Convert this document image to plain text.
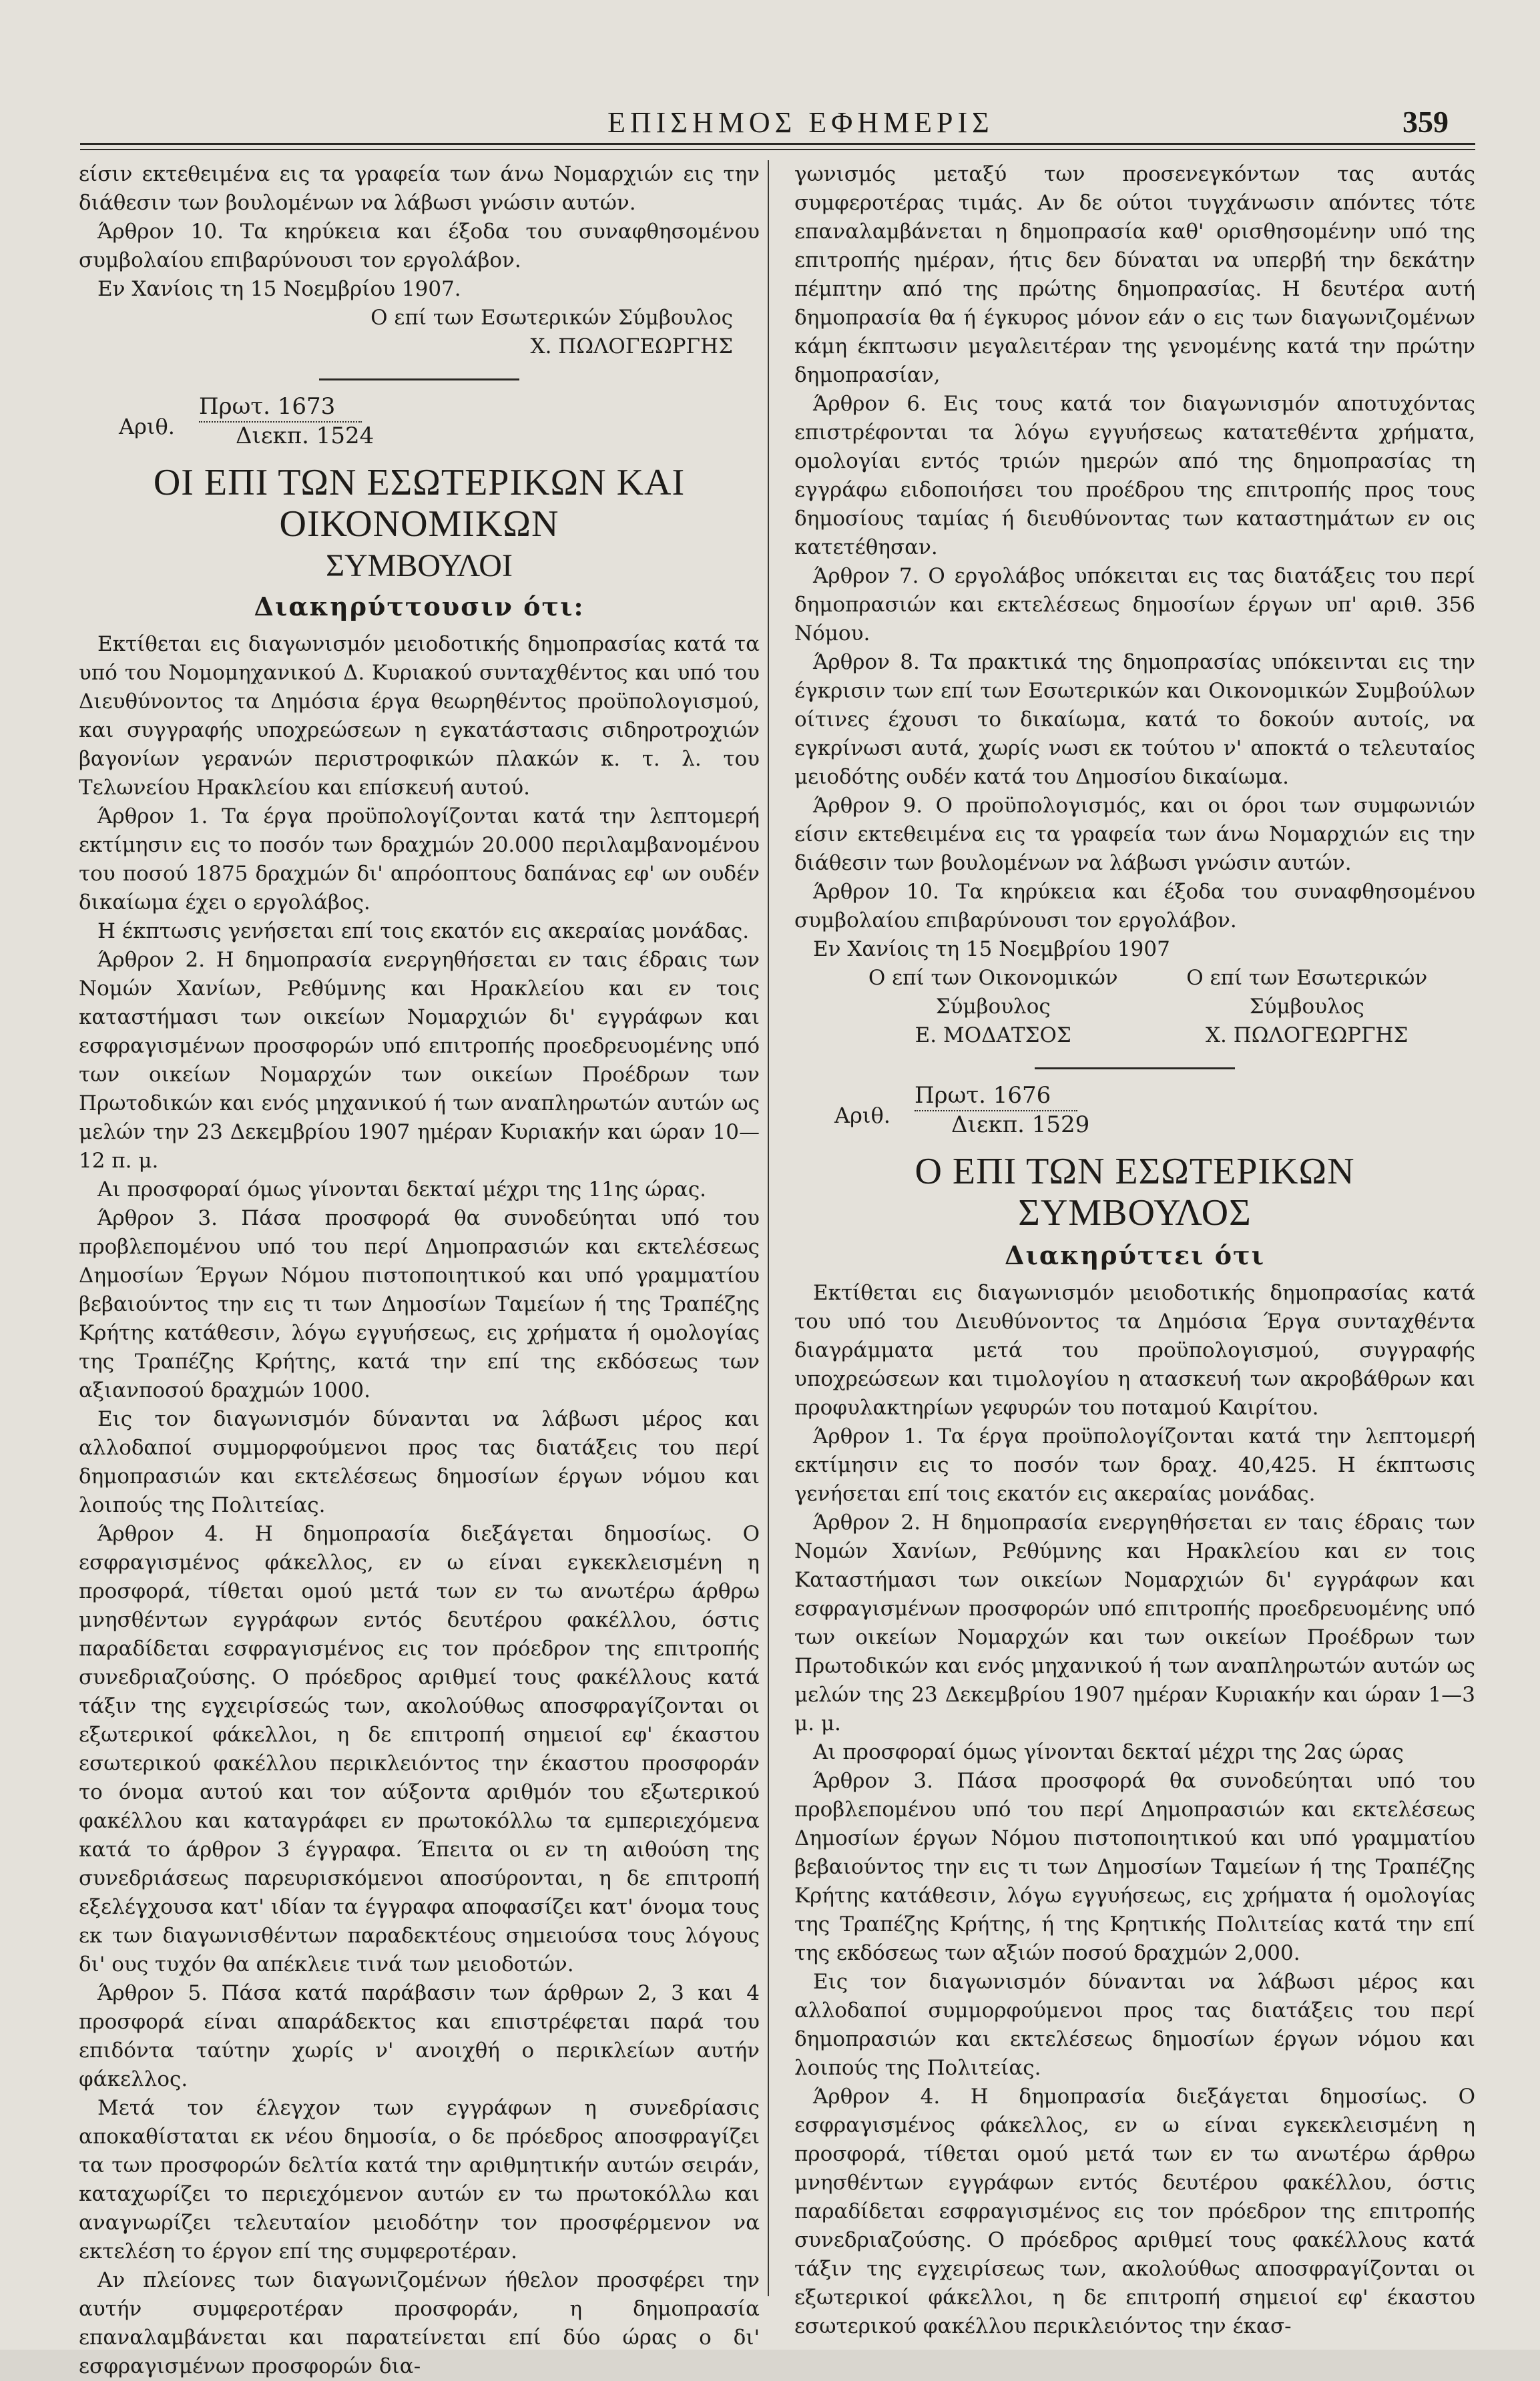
ΕΠΙΣΗΜΟΣ ΕΦΗΜΕΡΙΣ	359

είσιν εκτεθειμένα εις τα γραφεία των άνω Νομαρχιών εις την διάθεσιν των βουλομένων να λάβωσι γνώσιν αυτών.

Άρθρον 10. Τα κηρύκεια και έξοδα του συναφθησομένου συμβολαίου επιβαρύνουσι τον εργολάβον.

Εν Χανίοις τη 15 Νοεμβρίου 1907.

Ο επί των Εσωτερικών Σύμβουλος

Χ. ΠΩΛΟΓΕΩΡΓΗΣ

Αριθ.
Πρωτ. 1673
Διεκπ. 1524
ΟΙ ΕΠΙ ΤΩΝ ΕΣΩΤΕΡΙΚΩΝ ΚΑΙ ΟΙΚΟΝΟΜΙΚΩΝ
ΣΥΜΒΟΥΛΟΙ
Διακηρύττουσιν ότι:

Εκτίθεται εις διαγωνισμόν μειοδοτικής δημοπρασίας κατά τα υπό του Νομομηχανικού Δ. Κυριακού συνταχθέντος και υπό του Διευθύνοντος τα Δημόσια έργα θεωρηθέντος προϋπολογισμού, και συγγραφής υποχρεώσεων η εγκατάστασις σιδηροτροχιών βαγονίων γερανών περιστροφικών πλακών κ. τ. λ. του Τελωνείου Ηρακλείου και επίσκευή αυτού.

Άρθρον 1. Τα έργα προϋπολογίζονται κατά την λεπτομερή εκτίμησιν εις το ποσόν των δραχμών 20.000 περιλαμβανομένου του ποσού 1875 δραχμών δι' απρόοπτους δαπάνας εφ' ων ουδέν δικαίωμα έχει ο εργολάβος.

Η έκπτωσις γενήσεται επί τοις εκατόν εις ακεραίας μονάδας.

Άρθρον 2. Η δημοπρασία ενεργηθήσεται εν ταις έδραις των Νομών Χανίων, Ρεθύμνης και Ηρακλείου και εν τοις καταστήμασι των οικείων Νομαρχιών δι' εγγράφων και εσφραγισμένων προσφορών υπό επιτροπής προεδρευομένης υπό των οικείων Νομαρχών των οικείων Προέδρων των Πρωτοδικών και ενός μηχανικού ή των αναπληρωτών αυτών ως μελών την 23 Δεκεμβρίου 1907 ημέραν Κυριακήν και ώραν 10—12 π. μ.

Αι προσφοραί όμως γίνονται δεκταί μέχρι της 11ης ώρας.

Άρθρον 3. Πάσα προσφορά θα συνοδεύηται υπό του προβλεπομένου υπό του περί Δημοπρασιών και εκτελέσεως Δημοσίων Έργων Νόμου πιστοποιητικού και υπό γραμματίου βεβαιούντος την εις τι των Δημοσίων Ταμείων ή της Τραπέζης Κρήτης κατάθεσιν, λόγω εγγυήσεως, εις χρήματα ή ομολογίας της Τραπέζης Κρήτης, κατά την επί της εκδόσεως των αξιανποσού δραχμών 1000.

Εις τον διαγωνισμόν δύνανται να λάβωσι μέρος και αλλοδαποί συμμορφούμενοι προς τας διατάξεις του περί δημοπρασιών και εκτελέσεως δημοσίων έργων νόμου και λοιπούς της Πολιτείας.

Άρθρον 4. Η δημοπρασία διεξάγεται δημοσίως. Ο εσφραγισμένος φάκελλος, εν ω είναι εγκεκλεισμένη η προσφορά, τίθεται ομού μετά των εν τω ανωτέρω άρθρω μνησθέντων εγγράφων εντός δευτέρου φακέλλου, όστις παραδίδεται εσφραγισμένος εις τον πρόεδρον της επιτροπής συνεδριαζούσης. Ο πρόεδρος αριθμεί τους φακέλλους κατά τάξιν της εγχειρίσεώς των, ακολούθως αποσφραγίζονται οι εξωτερικοί φάκελλοι, η δε επιτροπή σημειοί εφ' έκαστου εσωτερικού φακέλλου περικλειόντος την έκαστου προσφοράν το όνομα αυτού και τον αύξοντα αριθμόν του εξωτερικού φακέλλου και καταγράφει εν πρωτοκόλλω τα εμπεριεχόμενα κατά το άρθρον 3 έγγραφα. Έπειτα οι εν τη αιθούση της συνεδριάσεως παρευρισκόμενοι αποσύρονται, η δε επιτροπή εξελέγχουσα κατ' ιδίαν τα έγγραφα αποφασίζει κατ' όνομα τους εκ των διαγωνισθέντων παραδεκτέους σημειούσα τους λόγους δι' ους τυχόν θα απέκλειε τινά των μειοδοτών.

Άρθρον 5. Πάσα κατά παράβασιν των άρθρων 2, 3 και 4 προσφορά είναι απαράδεκτος και επιστρέφεται παρά του επιδόντα ταύτην χωρίς ν' ανοιχθή ο περικλείων αυτήν φάκελλος.

Μετά τον έλεγχον των εγγράφων η συνεδρίασις αποκαθίσταται εκ νέου δημοσία, ο δε πρόεδρος αποσφραγίζει τα των προσφορών δελτία κατά την αριθμητικήν αυτών σειράν, καταχωρίζει το περιεχόμενον αυτών εν τω πρωτοκόλλω και αναγνωρίζει τελευταίον μειοδότην τον προσφέρμενον να εκτελέση το έργον επί της συμφεροτέραν.

Αν πλείονες των διαγωνιζομένων ήθελον προσφέρει την αυτήν συμφεροτέραν προσφοράν, η δημοπρασία επαναλαμβάνεται και παρατείνεται επί δύο ώρας ο δι' εσφραγισμένων προσφορών δια-

γωνισμός μεταξύ των προσενεγκόντων τας αυτάς συμφεροτέρας τιμάς. Αν δε ούτοι τυγχάνωσιν απόντες τότε επαναλαμβάνεται η δημοπρασία καθ' ορισθησομένην υπό της επιτροπής ημέραν, ήτις δεν δύναται να υπερβή την δεκάτην πέμπτην από της πρώτης δημοπρασίας. Η δευτέρα αυτή δημοπρασία θα ή έγκυρος μόνον εάν ο εις των διαγωνιζομένων κάμη έκπτωσιν μεγαλειτέραν της γενομένης κατά την πρώτην δημοπρασίαν,

Άρθρον 6. Εις τους κατά τον διαγωνισμόν αποτυχόντας επιστρέφονται τα λόγω εγγυήσεως κατατεθέντα χρήματα, ομολογίαι εντός τριών ημερών από της δημοπρασίας τη εγγράφω ειδοποιήσει του προέδρου της επιτροπής προς τους δημοσίους ταμίας ή διευθύνοντας των καταστημάτων εν οις κατετέθησαν.

Άρθρον 7. Ο εργολάβος υπόκειται εις τας διατάξεις του περί δημοπρασιών και εκτελέσεως δημοσίων έργων υπ' αριθ. 356 Νόμου.

Άρθρον 8. Τα πρακτικά της δημοπρασίας υπόκεινται εις την έγκρισιν των επί των Εσωτερικών και Οικονομικών Συμβούλων οίτινες έχουσι το δικαίωμα, κατά το δοκούν αυτοίς, να εγκρίνωσι αυτά, χωρίς νωσι εκ τούτου ν' αποκτά ο τελευταίος μειοδότης ουδέν κατά του Δημοσίου δικαίωμα.

Άρθρον 9. Ο προϋπολογισμός, και οι όροι των συμφωνιών είσιν εκτεθειμένα εις τα γραφεία των άνω Νομαρχιών εις την διάθεσιν των βουλομένων να λάβωσι γνώσιν αυτών.

Άρθρον 10. Τα κηρύκεια και έξοδα του συναφθησομένου συμβολαίου επιβαρύνουσι τον εργολάβον.

Εν Χανίοις τη 15 Νοεμβρίου 1907

Ο επί των Οικονομικών Σύμβουλος
Ε. ΜΟΔΑΤΣΟΣ
Ο επί των Εσωτερικών Σύμβουλος
Χ. ΠΩΛΟΓΕΩΡΓΗΣ
Αριθ.
Πρωτ. 1676
Διεκπ. 1529
Ο ΕΠΙ ΤΩΝ ΕΣΩΤΕΡΙΚΩΝ ΣΥΜΒΟΥΛΟΣ
Διακηρύττει ότι

Εκτίθεται εις διαγωνισμόν μειοδοτικής δημοπρασίας κατά του υπό του Διευθύνοντος τα Δημόσια Έργα συνταχθέντα διαγράμματα μετά του προϋπολογισμού, συγγραφής υποχρεώσεων και τιμολογίου η ατασκευή των ακροβάθρων και προφυλακτηρίων γεφυρών του ποταμού Καιρίτου.

Άρθρον 1. Τα έργα προϋπολογίζονται κατά την λεπτομερή εκτίμησιν εις το ποσόν των δραχ. 40,425. Η έκπτωσις γενήσεται επί τοις εκατόν εις ακεραίας μονάδας.

Άρθρον 2. Η δημοπρασία ενεργηθήσεται εν ταις έδραις των Νομών Χανίων, Ρεθύμνης και Ηρακλείου και εν τοις Καταστήμασι των οικείων Νομαρχιών δι' εγγράφων και εσφραγισμένων προσφορών υπό επιτροπής προεδρευομένης υπό των οικείων Νομαρχών και των οικείων Προέδρων των Πρωτοδικών και ενός μηχανικού ή των αναπληρωτών αυτών ως μελών της 23 Δεκεμβρίου 1907 ημέραν Κυριακήν και ώραν 1—3 μ. μ.

Αι προσφοραί όμως γίνονται δεκταί μέχρι της 2ας ώρας

Άρθρον 3. Πάσα προσφορά θα συνοδεύηται υπό του προβλεπομένου υπό του περί Δημοπρασιών και εκτελέσεως Δημοσίων έργων Νόμου πιστοποιητικού και υπό γραμματίου βεβαιούντος την εις τι των Δημοσίων Ταμείων ή της Τραπέζης Κρήτης κατάθεσιν, λόγω εγγυήσεως, εις χρήματα ή ομολογίας της Τραπέζης Κρήτης, ή της Κρητικής Πολιτείας κατά την επί της εκδόσεως των αξιών ποσού δραχμών 2,000.

Εις τον διαγωνισμόν δύνανται να λάβωσι μέρος και αλλοδαποί συμμορφούμενοι προς τας διατάξεις του περί δημοπρασιών και εκτελέσεως δημοσίων έργων νόμου και λοιπούς της Πολιτείας.

Άρθρον 4. Η δημοπρασία διεξάγεται δημοσίως. Ο εσφραγισμένος φάκελλος, εν ω είναι εγκεκλεισμένη η προσφορά, τίθεται ομού μετά των εν τω ανωτέρω άρθρω μνησθέντων εγγράφων εντός δευτέρου φακέλλου, όστις παραδίδεται εσφραγισμένος εις τον πρόεδρον της επιτροπής συνεδριαζούσης. Ο πρόεδρος αριθμεί τους φακέλλους κατά τάξιν της εγχειρίσεως των, ακολούθως αποσφραγίζονται οι εξωτερικοί φάκελλοι, η δε επιτροπή σημειοί εφ' έκαστου εσωτερικού φακέλλου περικλειόντος την έκασ-
